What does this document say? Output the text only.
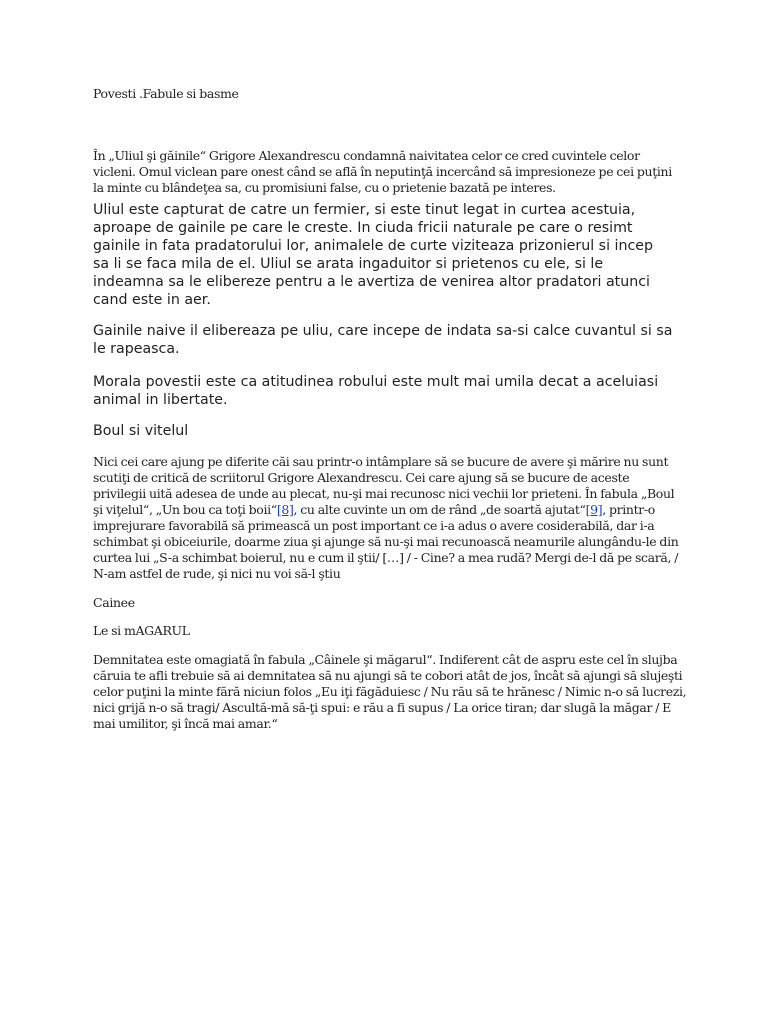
Povesti .Fabule si basme

În „Uliul şi găinile“ Grigore Alexandrescu condamnă naivitatea celor ce cred cuvintele celor vicleni. Omul viclean pare onest când se află în neputinţă incercând să impresioneze pe cei puţini la minte cu blândeţea sa, cu promisiuni false, cu o prietenie bazată pe interes.

Uliul este capturat de catre un fermier, si este tinut legat in curtea acestuia, aproape de gainile pe care le creste. In ciuda fricii naturale pe care o resimt gainile in fata pradatorului lor, animalele de curte viziteaza prizonierul si incep sa li se faca mila de el. Uliul se arata ingaduitor si prietenos cu ele, si le indeamna sa le elibereze pentru a le avertiza de venirea altor pradatori atunci cand este in aer.

Gainile naive il elibereaza pe uliu, care incepe de indata sa-si calce cuvantul si sa le rapeasca.

Morala povestii este ca atitudinea robului este mult mai umila decat a aceluiasi animal in libertate.

Boul si vitelul

Nici cei care ajung pe diferite căi sau printr-o intâmplare să se bucure de avere şi mărire nu sunt scutiţi de critică de scriitorul Grigore Alexandrescu. Cei care ajung să se bucure de aceste privilegii uită adesea de unde au plecat, nu-şi mai recunosc nici vechii lor prieteni. În fabula „Boul şi viţelul“, „Un bou ca toţi boii“[8], cu alte cuvinte un om de rând „de soartă ajutat“[9], printr-o imprejurare favorabilă să primească un post important ce i-a adus o avere cosiderabilă, dar i-a schimbat şi obiceiurile, doarme ziua şi ajunge să nu-şi mai recunoască neamurile alungându-le din curtea lui „S-a schimbat boierul, nu e cum il ştii/ […] / - Cine? a mea rudă? Mergi de-l dă pe scară, / N-am astfel de rude, şi nici nu voi să-l ştiu

Cainee

Le si mAGARUL

Demnitatea este omagiată în fabula „Câinele şi măgarul“. Indiferent cât de aspru este cel în slujba căruia te afli trebuie să ai demnitatea să nu ajungi să te cobori atât de jos, încât să ajungi să slujeşti celor puţini la minte fără niciun folos „Eu iţi făgăduiesc / Nu rău să te hrănesc / Nimic n-o să lucrezi, nici grijă n-o să tragi/ Ascultă-mă să-ţi spui: e rău a fi supus / La orice tiran; dar slugă la măgar / E mai umilitor, şi încă mai amar.“
